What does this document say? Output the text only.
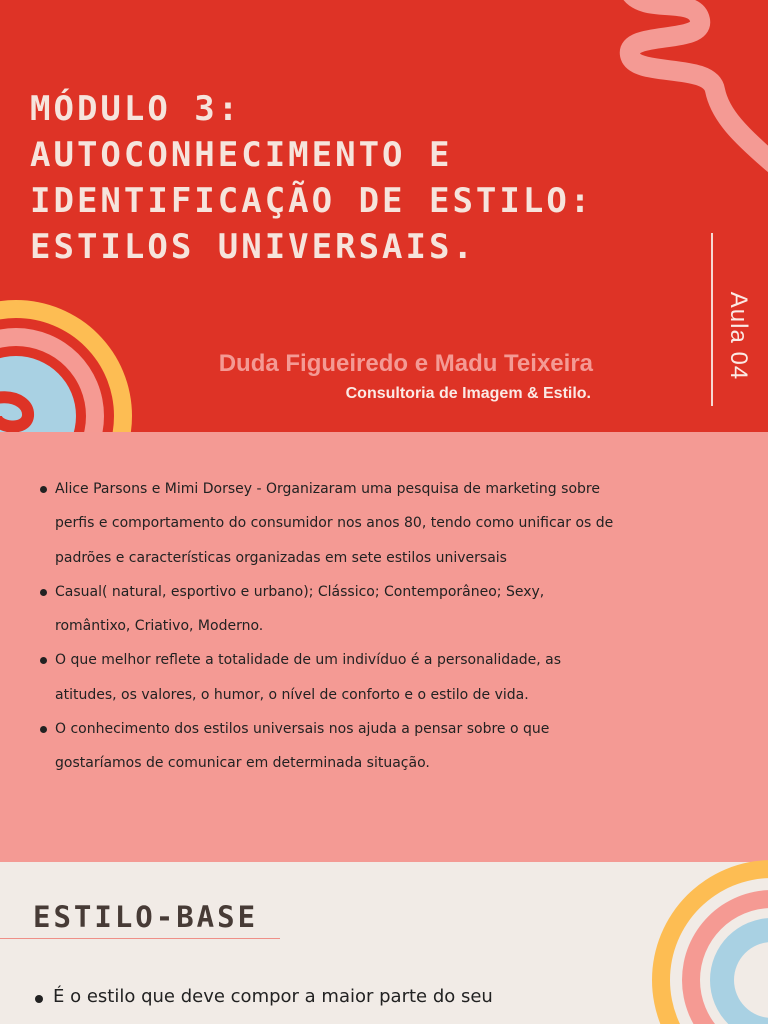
MÓDULO 3:
AUTOCONHECIMENTO E
IDENTIFICAÇÃO DE ESTILO:
ESTILOS UNIVERSAIS.
Aula 04
Duda Figueiredo e Madu Teixeira
Consultoria de Imagem & Estilo.
Alice Parsons e Mimi Dorsey - Organizaram uma pesquisa de marketing sobre perfis e comportamento do consumidor nos anos 80, tendo como unificar os de padrões e características organizadas em sete estilos universais
Casual( natural, esportivo e urbano); Clássico; Contemporâneo; Sexy, romântixo, Criativo, Moderno.
O que melhor reflete a totalidade de um indivíduo é a personalidade, as atitudes, os valores, o humor, o nível de conforto e o estilo de vida.
O conhecimento dos estilos universais nos ajuda a pensar sobre o que gostaríamos de comunicar em determinada situação.
ESTILO-BASE
É o estilo que deve compor a maior parte do seu
